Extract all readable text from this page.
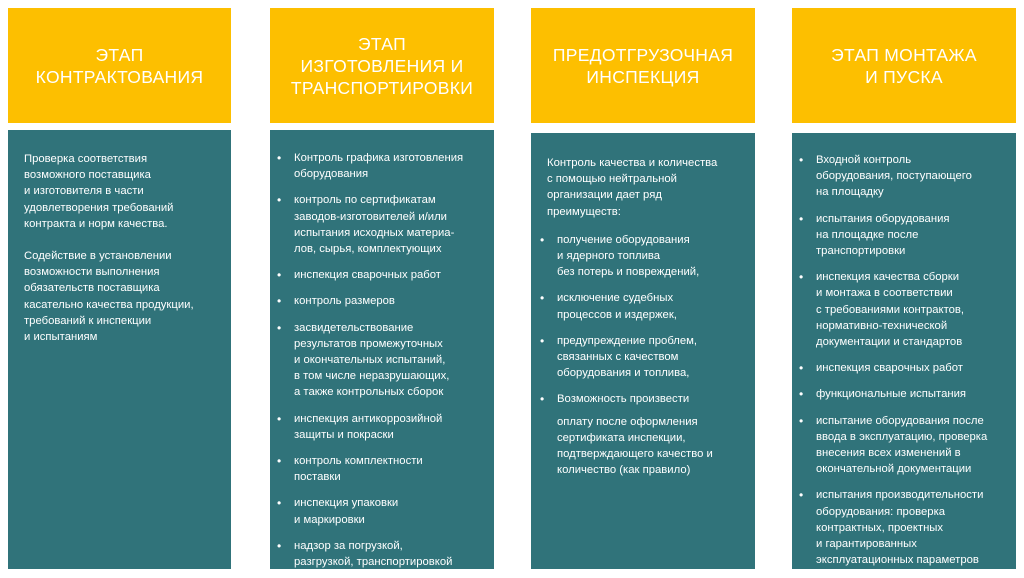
ЭТАП
КОНТРАКТОВАНИЯ
ЭТАП
ИЗГОТОВЛЕНИЯ И
ТРАНСПОРТИРОВКИ
ПРЕДОТГРУЗОЧНАЯ
ИНСПЕКЦИЯ
ЭТАП МОНТАЖА
И ПУСКА

Проверка соответствия
возможного поставщика
и изготовителя в части
удовлетворения требований
контракта и норм качества.

Содействие в установлении
возможности выполнения
обязательств поставщика
касательно качества продукции,
требований к инспекции
и испытаниям

• Контроль графика изготовления
оборудования
• контроль по сертификатам
заводов-изготовителей и/или
испытания исходных материа-
лов, сырья, комплектующих
• инспекция сварочных работ
• контроль размеров
• засвидетельствование
результатов промежуточных
и окончательных испытаний,
в том числе неразрушающих,
а также контрольных сборок
• инспекция антикоррозийной
защиты и покраски
• контроль комплектности
поставки
• инспекция упаковки
и маркировки
• надзор за погрузкой,
разгрузкой, транспортировкой

Контроль качества и количества
с помощью нейтральной
организации дает ряд
преимуществ:

• получение оборудования
и ядерного топлива
без потерь и повреждений,
• исключение судебных
процессов и издержек,
• предупреждение проблем,
связанных с качеством
оборудования и топлива,
• Возможность произвести
оплату после оформления
сертификата инспекции,
подтверждающего качество и
количество (как правило)
• Входной контроль
оборудования, поступающего
на площадку
• испытания оборудования
на площадке после
транспортировки
• инспекция качества сборки
и монтажа в соответствии
с требованиями контрактов,
нормативно-технической
документации и стандартов
• инспекция сварочных работ
• функциональные испытания
• испытание оборудования после
ввода в эксплуатацию, проверка
внесения всех изменений в
окончательной документации
• испытания производительности
оборудования: проверка
контрактных, проектных
и гарантированных
эксплуатационных параметров
